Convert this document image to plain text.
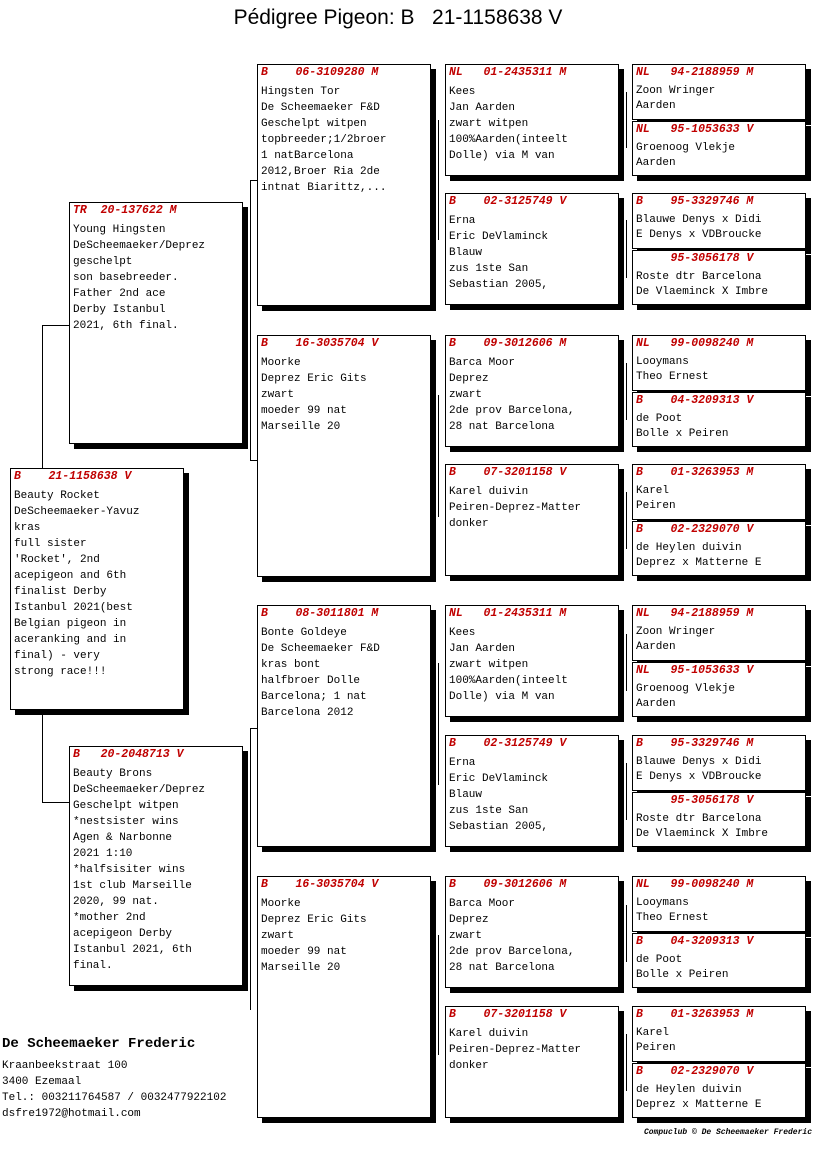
Pédigree Pigeon: B   21-1158638 V
B    21-1158638 V
Beauty Rocket
DeScheemaeker-Yavuz
kras
full sister
'Rocket', 2nd
acepigeon and 6th
finalist Derby
Istanbul 2021(best
Belgian pigeon in
aceranking and in
final) - very
strong race!!!
TR  20-137622 M
Young Hingsten
DeScheemaeker/Deprez
geschelpt
son basebreeder.
Father 2nd ace
Derby Istanbul
2021, 6th final.
B   20-2048713 V
Beauty Brons
DeScheemaeker/Deprez
Geschelpt witpen
*nestsister wins
Agen & Narbonne
2021 1:10
*halfsisiter wins
1st club Marseille
2020, 99 nat.
*mother 2nd
acepigeon Derby
Istanbul 2021, 6th
final.
B    06-3109280 M
Hingsten Tor
De Scheemaeker F&D
Geschelpt witpen
topbreeder;1/2broer
1 natBarcelona
2012,Broer Ria 2de
intnat Biarittz,...
B    16-3035704 V
Moorke
Deprez Eric Gits
zwart
moeder 99 nat
Marseille 20
B    08-3011801 M
Bonte Goldeye
De Scheemaeker F&D
kras bont
halfbroer Dolle
Barcelona; 1 nat
Barcelona 2012
B    16-3035704 V
Moorke
Deprez Eric Gits
zwart
moeder 99 nat
Marseille 20
NL   01-2435311 M
Kees
Jan Aarden
zwart witpen
100%Aarden(inteelt
Dolle) via M van
B    02-3125749 V
Erna
Eric DeVlaminck
Blauw
zus 1ste San
Sebastian 2005,
B    09-3012606 M
Barca Moor
Deprez
zwart
2de prov Barcelona,
28 nat Barcelona
B    07-3201158 V
Karel duivin
Peiren-Deprez-Matter
donker
NL   01-2435311 M
Kees
Jan Aarden
zwart witpen
100%Aarden(inteelt
Dolle) via M van
B    02-3125749 V
Erna
Eric DeVlaminck
Blauw
zus 1ste San
Sebastian 2005,
B    09-3012606 M
Barca Moor
Deprez
zwart
2de prov Barcelona,
28 nat Barcelona
B    07-3201158 V
Karel duivin
Peiren-Deprez-Matter
donker
NL   94-2188959 M
Zoon Wringer
Aarden
NL   95-1053633 V
Groenoog Vlekje
Aarden
B    95-3329746 M
Blauwe Denys x Didi
E Denys x VDBroucke
95-3056178 V
Roste dtr Barcelona
De Vlaeminck X Imbre
NL   99-0098240 M
Looymans
Theo Ernest
B    04-3209313 V
de Poot
Bolle x Peiren
B    01-3263953 M
Karel
Peiren
B    02-2329070 V
de Heylen duivin
Deprez x Matterne E
NL   94-2188959 M
Zoon Wringer
Aarden
NL   95-1053633 V
Groenoog Vlekje
Aarden
B    95-3329746 M
Blauwe Denys x Didi
E Denys x VDBroucke
95-3056178 V
Roste dtr Barcelona
De Vlaeminck X Imbre
NL   99-0098240 M
Looymans
Theo Ernest
B    04-3209313 V
de Poot
Bolle x Peiren
B    01-3263953 M
Karel
Peiren
B    02-2329070 V
de Heylen duivin
Deprez x Matterne E
De Scheemaeker Frederic
Kraanbeekstraat 100
3400 Ezemaal
Tel.: 003211764587 / 0032477922102
dsfre1972@hotmail.com
Compuclub © De Scheemaeker Frederic
